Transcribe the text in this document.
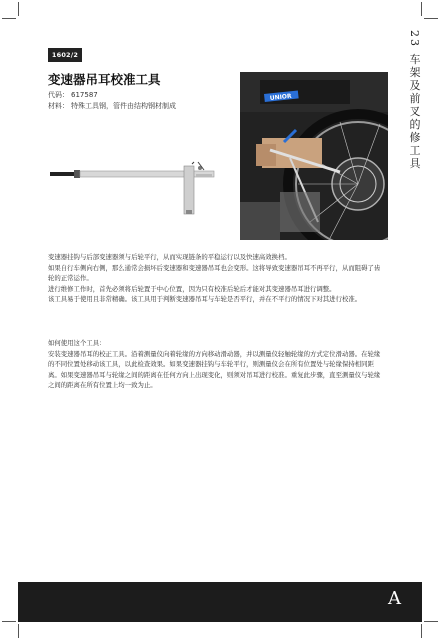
1602/2
变速器吊耳校准工具
代码： 617587
材料： 特殊工具钢，管件由结构钢材制成	23 车架及前叉的修工具
UNIOR

变速器挂钩与后部变速器须与后轮平行，从而实现链条的平稳运行以及快速高效换档。

如果自行车侧向右侧，那么通常会损坏后变速器和变速器吊耳也会变形。这将导致变速器吊耳不再平行，从而阻碍了齿轮的正常运作。

进行维修工作时，首先必须将后轮置于中心位置，因为只有校准后轮后才能对其变速器吊耳进行调整。

该工具易于使用且非常精确。该工具用于判断变速器吊耳与车轮是否平行，并在不平行的情况下对其进行校准。

如何使用这个工具：

安装变速器吊耳的校正工具。沿着测量仪向着轮缘的方向移动滑动器，并以测量仪轻触轮缘的方式定位滑动器。在轮缘的不同位置处移动该工具，以此检查效果。如果变速器挂钩与车轮平行，则测量仪会在所有位置处与轮缘保持相同距离。如果变速器吊耳与轮缘之间的距离在任何方向上出现变化，则须对吊耳进行校准。重复此步骤，直至测量仪与轮缘之间的距离在所有位置上均一致为止。

A
